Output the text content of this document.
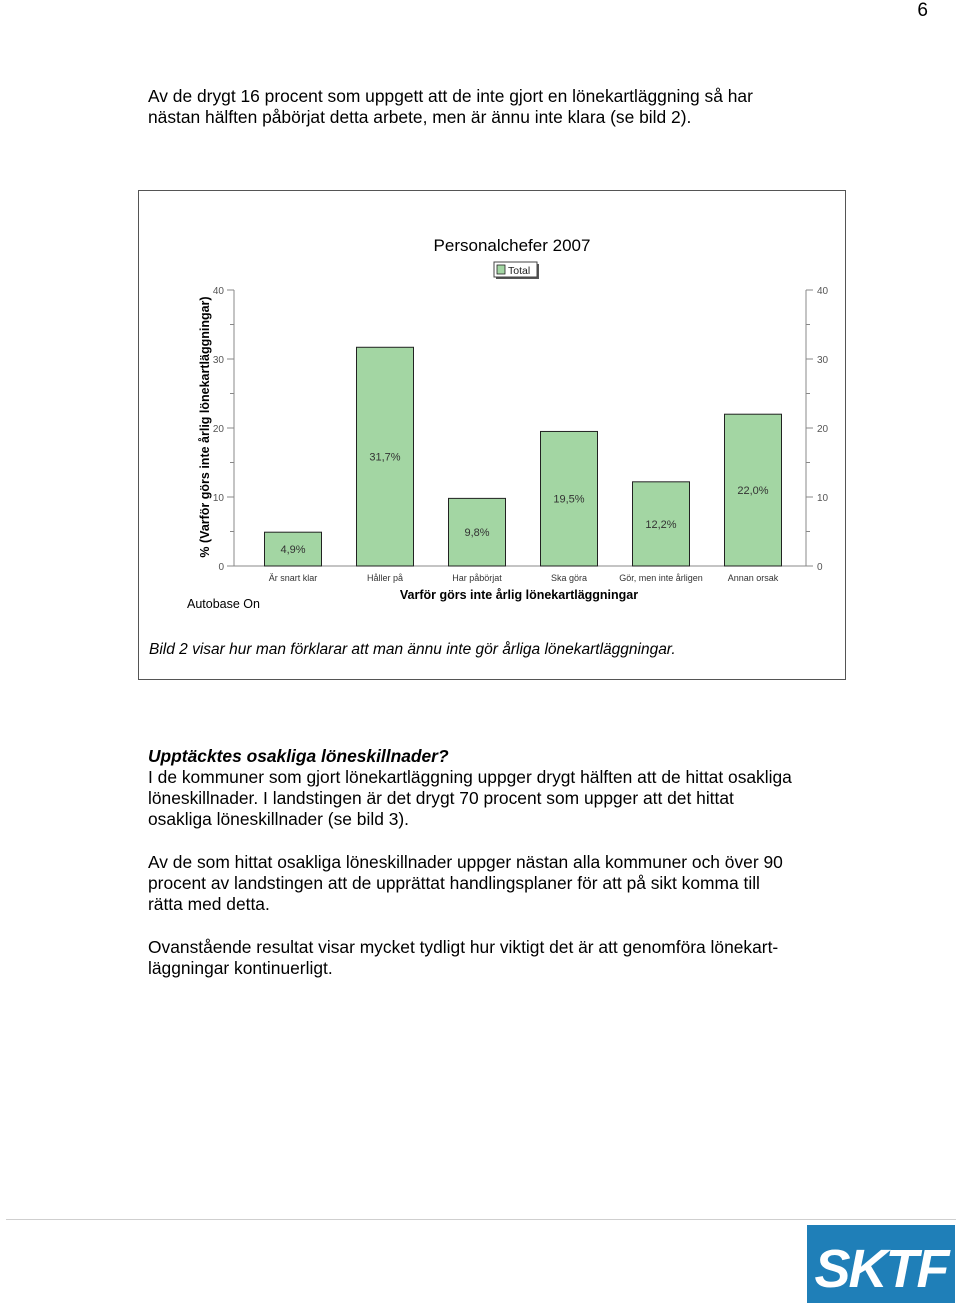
6
Av de drygt 16 procent som uppgett att de inte gjort en lönekartläggning så har
nästan hälften påbörjat detta arbete, men är ännu inte klara (se bild 2).
Personalchefer 2007
Total
% (Varför görs inte årlig lönekartläggningar)
Varför görs inte årlig lönekartläggningar
Autobase On
0	0
10	10
20	20
30	30
40	40
4,9%
Är snart klar
31,7%
Håller på
9,8%
Har påbörjat
19,5%
Ska göra
12,2%
Gör, men inte årligen
22,0%
Annan orsak

Bild 2 visar hur man förklarar att man ännu inte gör årliga lönekartläggningar.

Upptäcktes osakliga löneskillnader?

I de kommuner som gjort lönekartläggning uppger drygt hälften att de hittat osakliga
löneskillnader. I landstingen är det drygt 70 procent som uppger att det hittat
osakliga löneskillnader (se bild 3).
Av de som hittat osakliga löneskillnader uppger nästan alla kommuner och över 90
procent av landstingen att de upprättat handlingsplaner för att på sikt komma till
rätta med detta.
Ovanstående resultat visar mycket tydligt hur viktigt det är att genomföra lönekart-
läggningar kontinuerligt.
SKTF
